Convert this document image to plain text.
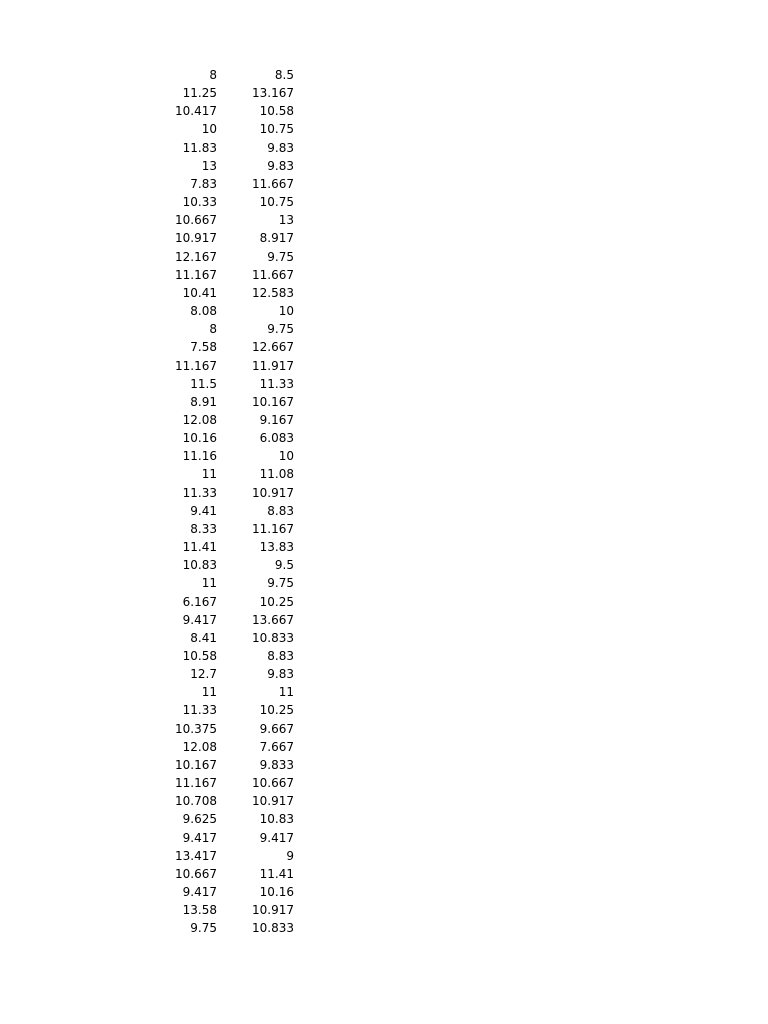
8	8.5
11.25	13.167
10.417	10.58
10	10.75
11.83	9.83
13	9.83
7.83	11.667
10.33	10.75
10.667	13
10.917	8.917
12.167	9.75
11.167	11.667
10.41	12.583
8.08	10
8	9.75
7.58	12.667
11.167	11.917
11.5	11.33
8.91	10.167
12.08	9.167
10.16	6.083
11.16	10
11	11.08
11.33	10.917
9.41	8.83
8.33	11.167
11.41	13.83
10.83	9.5
11	9.75
6.167	10.25
9.417	13.667
8.41	10.833
10.58	8.83
12.7	9.83
11	11
11.33	10.25
10.375	9.667
12.08	7.667
10.167	9.833
11.167	10.667
10.708	10.917
9.625	10.83
9.417	9.417
13.417	9
10.667	11.41
9.417	10.16
13.58	10.917
9.75	10.833
